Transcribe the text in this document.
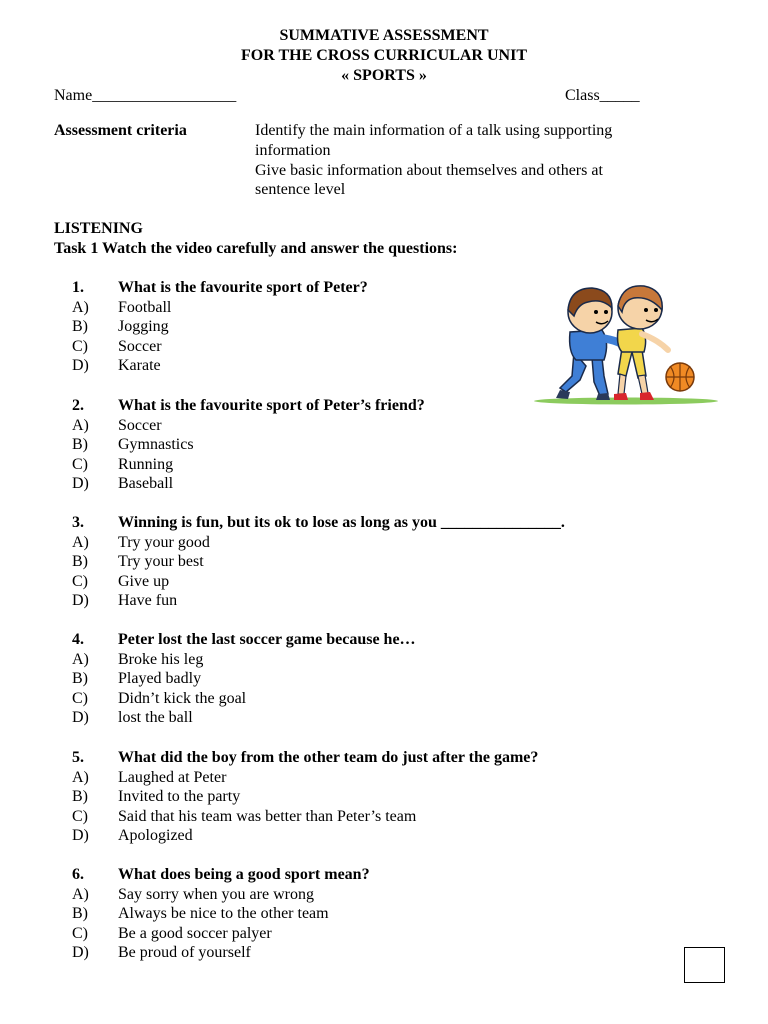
SUMMATIVE ASSESSMENT
FOR THE CROSS CURRICULAR UNIT
« SPORTS »
Name__________________	Class_____
Assessment criteria	Identify the main information of a talk using supporting
information
Give basic information about themselves and others at
sentence level
LISTENING
Task 1 Watch the video carefully and answer the questions:
1. What is the favourite sport of Peter?
A) Football
B) Jogging
C) Soccer
D) Karate
2. What is the favourite sport of Peter’s friend?
A) Soccer
B) Gymnastics
C) Running
D) Baseball
3. Winning is fun, but its ok to lose as long as you _______________.
A) Try your good
B) Try your best
C) Give up
D) Have fun
4. Peter lost the last soccer game because he…
A) Broke his leg
B) Played badly
C) Didn’t kick the goal
D) lost the ball
5. What did the boy from the other team do just after the game?
A) Laughed at Peter
B) Invited to the party
C) Said that his team was better than Peter’s team
D) Apologized
6. What does being a good sport mean?
A) Say sorry when you are wrong
B) Always be nice to the other team
C) Be a good soccer palyer
D) Be proud of yourself
